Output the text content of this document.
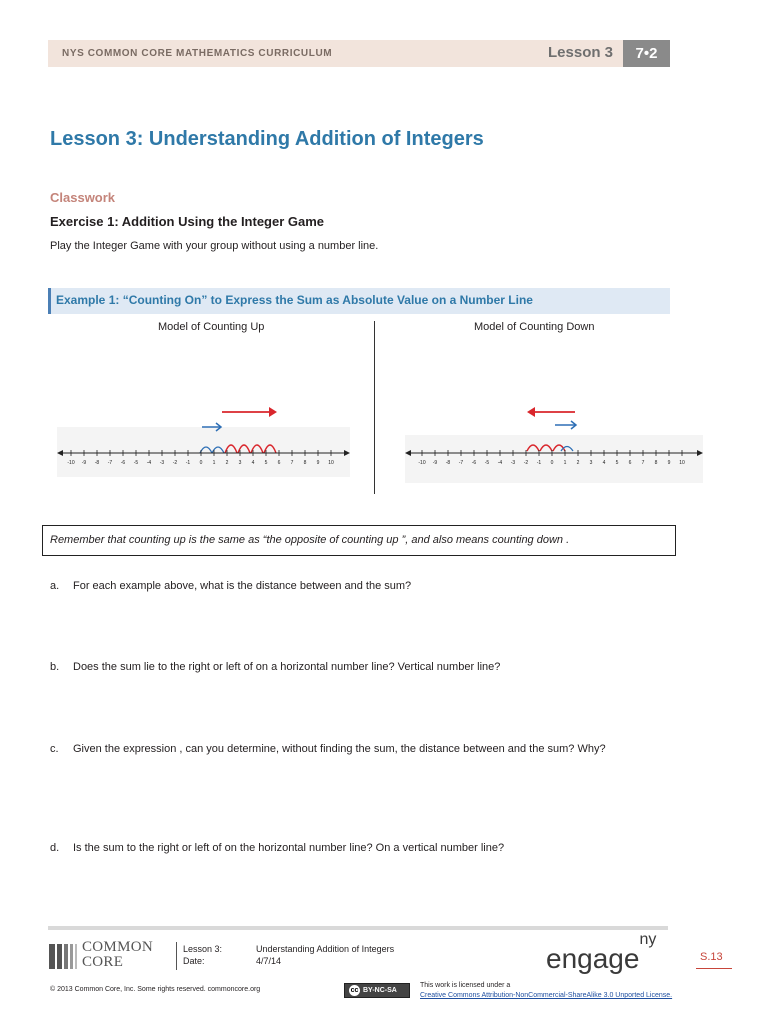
NYS COMMON CORE MATHEMATICS CURRICULUM	Lesson 3	7•2
Lesson 3: Understanding Addition of Integers
Classwork
Exercise 1: Addition Using the Integer Game
Play the Integer Game with your group without using a number line.
Example 1: “Counting On” to Express the Sum as Absolute Value on a Number Line
Model of Counting Up	Model of Counting Down
-10 -9 -8 -7 -6 -5 -4 -3 -2 -1 0 1 2 3 4 5 6 7 8 9 10	-10 -9 -8 -7 -6 -5 -4 -3 -2 -1 0 1 2 3 4 5 6 7 8 9 10
Remember that counting up is the same as “the opposite of counting up ”, and also means counting down .
a. For each example above, what is the distance between and the sum?
b. Does the sum lie to the right or left of on a horizontal number line? Vertical number line?
c. Given the expression , can you determine, without finding the sum, the distance between and the sum? Why?
d. Is the sum to the right or left of on the horizontal number line? On a vertical number line?
COMMON
CORE
Lesson 3:
Date:
Understanding Addition of Integers
4/7/14	engage$^{ny}$
S.13
© 2013 Common Core, Inc. Some rights reserved. commoncore.org	cc BY-NC-SA
This work is licensed under a
Creative Commons Attribution-NonCommercial-ShareAlike 3.0 Unported License.
